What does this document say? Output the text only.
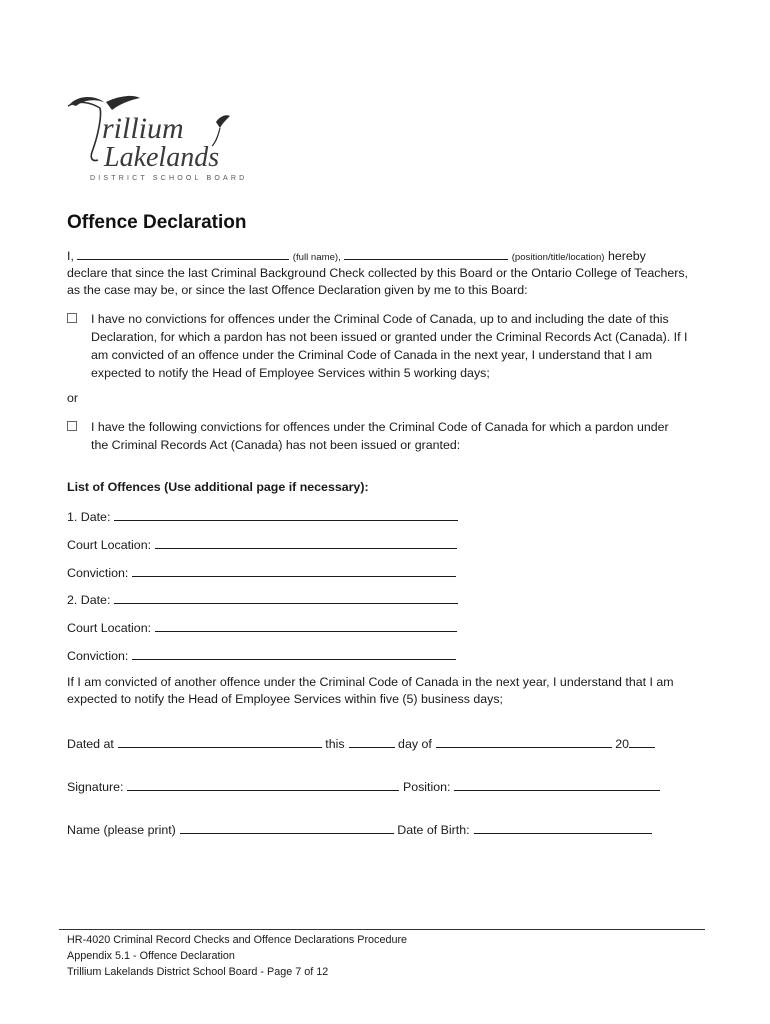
rillium
Lakelands
DISTRICT SCHOOL BOARD
Offence Declaration
I,	(full name),	(position/title/location) hereby
declare that since the last Criminal Background Check collected by this Board or the Ontario College of Teachers,
as the case may be, or since the last Offence Declaration given by me to this Board:
I have no convictions for offences under the Criminal Code of Canada, up to and including the date of this
Declaration, for which a pardon has not been issued or granted under the Criminal Records Act (Canada). If I
am convicted of an offence under the Criminal Code of Canada in the next year, I understand that I am
expected to notify the Head of Employee Services within 5 working days;
or
I have the following convictions for offences under the Criminal Code of Canada for which a pardon under
the Criminal Records Act (Canada) has not been issued or granted:
List of Offences (Use additional page if necessary):
1. Date:
Court Location:
Conviction:
2. Date:
Court Location:
Conviction:
If I am convicted of another offence under the Criminal Code of Canada in the next year, I understand that I am
expected to notify the Head of Employee Services within five (5) business days;
Dated at	this	day of	20
Signature:	Position:
Name (please print)	Date of Birth:
HR-4020 Criminal Record Checks and Offence Declarations Procedure
Appendix 5.1 - Offence Declaration
Trillium Lakelands District School Board - Page 7 of 12
